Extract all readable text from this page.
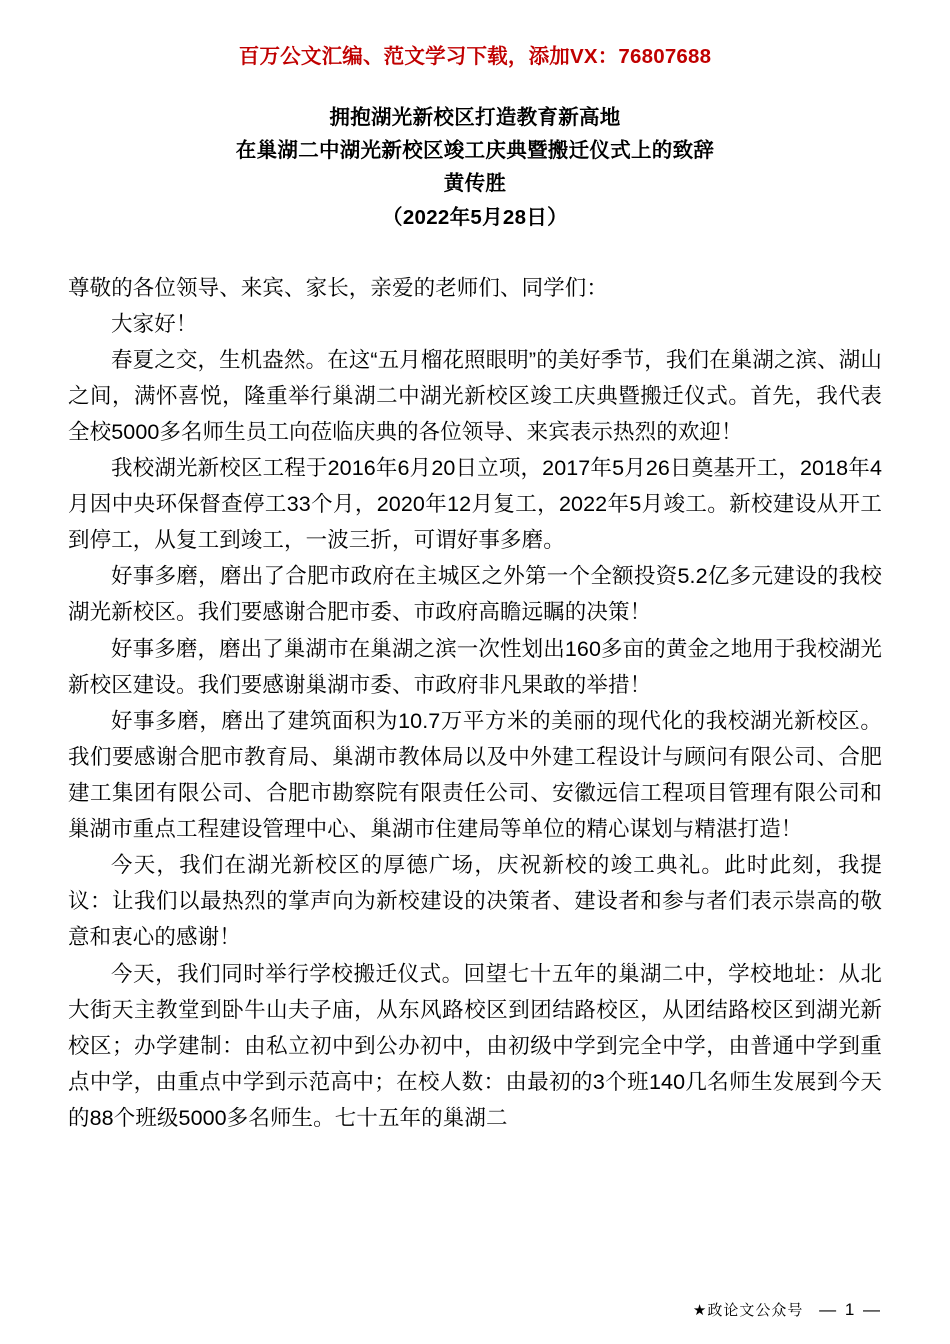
百万公文汇编、范文学习下载，添加VX：76807688
拥抱湖光新校区打造教育新高地
在巢湖二中湖光新校区竣工庆典暨搬迁仪式上的致辞
黄传胜
（2022年5月28日）
尊敬的各位领导、来宾、家长，亲爱的老师们、同学们：

大家好！

春夏之交，生机盎然。在这“五月榴花照眼明”的美好季节，我们在巢湖之滨、湖山之间，满怀喜悦，隆重举行巢湖二中湖光新校区竣工庆典暨搬迁仪式。首先，我代表全校5000多名师生员工向莅临庆典的各位领导、来宾表示热烈的欢迎！

我校湖光新校区工程于2016年6月20日立项，2017年5月26日奠基开工，2018年4月因中央环保督查停工33个月，2020年12月复工，2022年5月竣工。新校建设从开工到停工，从复工到竣工，一波三折，可谓好事多磨。

好事多磨，磨出了合肥市政府在主城区之外第一个全额投资5.2亿多元建设的我校湖光新校区。我们要感谢合肥市委、市政府高瞻远瞩的决策！

好事多磨，磨出了巢湖市在巢湖之滨一次性划出160多亩的黄金之地用于我校湖光新校区建设。我们要感谢巢湖市委、市政府非凡果敢的举措！

好事多磨，磨出了建筑面积为10.7万平方米的美丽的现代化的我校湖光新校区。我们要感谢合肥市教育局、巢湖市教体局以及中外建工程设计与顾问有限公司、合肥建工集团有限公司、合肥市勘察院有限责任公司、安徽远信工程项目管理有限公司和巢湖市重点工程建设管理中心、巢湖市住建局等单位的精心谋划与精湛打造！

今天，我们在湖光新校区的厚德广场，庆祝新校的竣工典礼。此时此刻，我提议：让我们以最热烈的掌声向为新校建设的决策者、建设者和参与者们表示崇高的敬意和衷心的感谢！

今天，我们同时举行学校搬迁仪式。回望七十五年的巢湖二中，学校地址：从北大街天主教堂到卧牛山夫子庙，从东风路校区到团结路校区，从团结路校区到湖光新校区；办学建制：由私立初中到公办初中，由初级中学到完全中学，由普通中学到重点中学，由重点中学到示范高中；在校人数：由最初的3个班140几名师生发展到今天的88个班级5000多名师生。七十五年的巢湖二

★政论文公众号 — 1 —
